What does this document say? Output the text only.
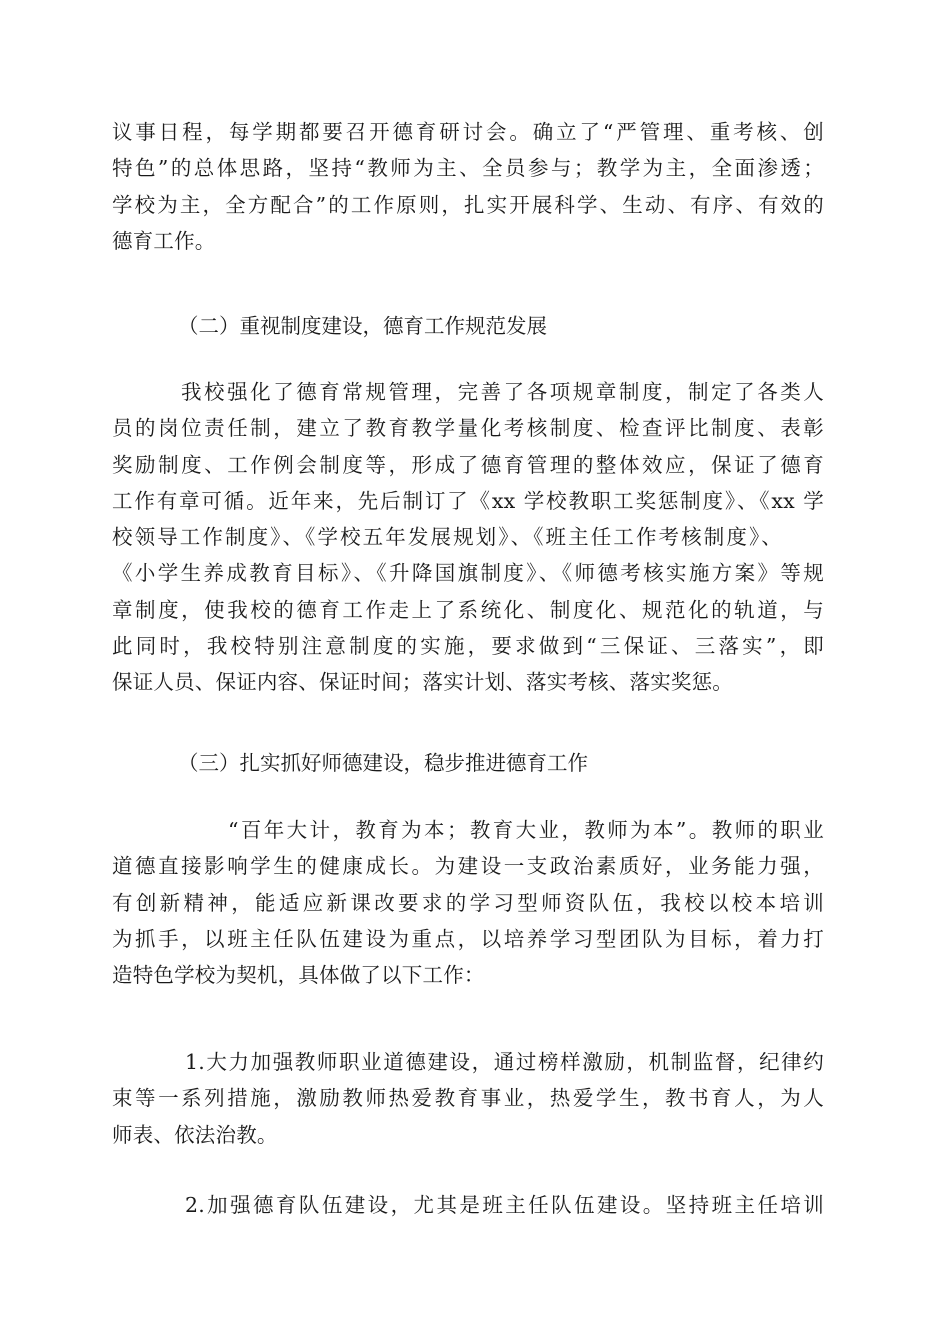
议事日程，每学期都要召开德育研讨会。确立了“严管理、重考核、创
特色”的总体思路，坚持“教师为主、全员参与；教学为主，全面渗透；
学校为主，全方配合”的工作原则，扎实开展科学、生动、有序、有效的
德育工作。
（二）重视制度建设，德育工作规范发展
我校强化了德育常规管理，完善了各项规章制度，制定了各类人
员的岗位责任制，建立了教育教学量化考核制度、检查评比制度、表彰
奖励制度、工作例会制度等，形成了德育管理的整体效应，保证了德育
工作有章可循。近年来，先后制订了《xx 学校教职工奖惩制度》、《xx 学
校领导工作制度》、《学校五年发展规划》、《班主任工作考核制度》、
《小学生养成教育目标》、《升降国旗制度》、《师德考核实施方案》等规
章制度，使我校的德育工作走上了系统化、制度化、规范化的轨道，与
此同时，我校特别注意制度的实施，要求做到“三保证、三落实”，即
保证人员、保证内容、保证时间；落实计划、落实考核、落实奖惩。
（三）扎实抓好师德建设，稳步推进德育工作
“百年大计，教育为本；教育大业，教师为本”。教师的职业
道德直接影响学生的健康成长。为建设一支政治素质好，业务能力强，
有创新精神，能适应新课改要求的学习型师资队伍，我校以校本培训
为抓手，以班主任队伍建设为重点，以培养学习型团队为目标，着力打
造特色学校为契机，具体做了以下工作：
1.大力加强教师职业道德建设，通过榜样激励，机制监督，纪律约
束等一系列措施，激励教师热爱教育事业，热爱学生，教书育人，为人
师表、依法治教。
2.加强德育队伍建设，尤其是班主任队伍建设。坚持班主任培训
